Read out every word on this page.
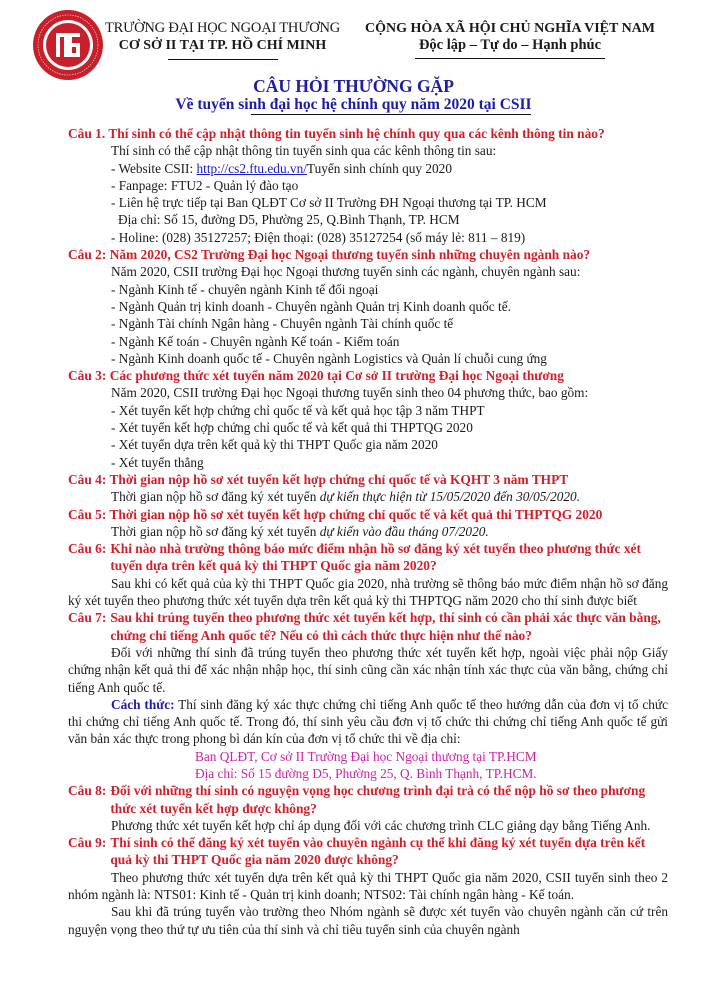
TRƯỜNG ĐẠI HỌC NGOẠI THƯƠNG
CƠ SỞ II TẠI TP. HỒ CHÍ MINH
CỘNG HÒA XÃ HỘI CHỦ NGHĨA VIỆT NAM
Độc lập – Tự do – Hạnh phúc
CÂU HỎI THƯỜNG GẶP
Về tuyển sinh đại học hệ chính quy năm 2020 tại CSII
Câu 1. Thí sinh có thể cập nhật thông tin tuyển sinh hệ chính quy qua các kênh thông tin nào?
Thí sinh có thể cập nhật thông tin tuyển sinh qua các kênh thông tin sau:
- Website CSII: http://cs2.ftu.edu.vn/Tuyển sinh chính quy 2020
- Fanpage: FTU2 - Quản lý đào tạo
- Liên hệ trực tiếp tại Ban QLĐT Cơ sở II Trường ĐH Ngoại thương tại TP. HCM
Địa chỉ: Số 15, đường D5, Phường 25, Q.Bình Thạnh, TP. HCM
- Holine: (028) 35127257; Điện thoại: (028) 35127254 (số máy lẻ: 811 – 819)
Câu 2: Năm 2020, CS2 Trường Đại học Ngoại thương tuyển sinh những chuyên ngành nào?
Năm 2020, CSII trường Đại học Ngoại thương tuyển sinh các ngành, chuyên ngành sau:
- Ngành Kinh tế - chuyên ngành Kinh tế đối ngoại
- Ngành Quản trị kinh doanh - Chuyên ngành Quản trị Kinh doanh quốc tế.
- Ngành Tài chính Ngân hàng - Chuyên ngành Tài chính quốc tế
- Ngành Kế toán - Chuyên ngành Kế toán - Kiểm toán
- Ngành Kinh doanh quốc tế - Chuyên ngành Logistics và Quản lí chuỗi cung ứng
Câu 3: Các phương thức xét tuyển năm 2020 tại Cơ sở II trường Đại học Ngoại thương
Năm 2020, CSII trường Đại học Ngoại thương tuyển sinh theo 04 phương thức, bao gồm:
- Xét tuyển kết hợp chứng chỉ quốc tế và kết quả học tập 3 năm THPT
- Xét tuyển kết hợp chứng chỉ quốc tế và kết quả thi THPTQG 2020
- Xét tuyển dựa trên kết quả kỳ thi THPT Quốc gia năm 2020
- Xét tuyển thẳng
Câu 4: Thời gian nộp hồ sơ xét tuyển kết hợp chứng chỉ quốc tế và KQHT 3 năm THPT
Thời gian nộp hồ sơ đăng ký xét tuyển dự kiến thực hiện từ 15/05/2020 đến 30/05/2020.
Câu 5: Thời gian nộp hồ sơ xét tuyển kết hợp chứng chỉ quốc tế và kết quả thi THPTQG 2020
Thời gian nộp hồ sơ đăng ký xét tuyển dự kiến vào đầu tháng 07/2020.
Câu 6: Khi nào nhà trường thông báo mức điểm nhận hồ sơ đăng ký xét tuyển theo phương thức xét tuyển dựa trên kết quả kỳ thi THPT Quốc gia năm 2020?
Sau khi có kết quả của kỳ thi THPT Quốc gia 2020, nhà trường sẽ thông báo mức điểm nhận hồ sơ đăng ký xét tuyển theo phương thức xét tuyển dựa trên kết quả kỳ thi THPTQG năm 2020 cho thí sinh được biết
Câu 7: Sau khi trúng tuyển theo phương thức xét tuyển kết hợp, thí sinh có cần phải xác thực văn bằng, chứng chỉ tiếng Anh quốc tế? Nếu có thì cách thức thực hiện như thế nào?
Đối với những thí sinh đã trúng tuyển theo phương thức xét tuyển kết hợp, ngoài việc phải nộp Giấy chứng nhận kết quả thi để xác nhận nhập học, thí sinh cũng cần xác nhận tính xác thực của văn bằng, chứng chỉ tiếng Anh quốc tế.
Cách thức: Thí sinh đăng ký xác thực chứng chỉ tiếng Anh quốc tế theo hướng dẫn của đơn vị tổ chức thi chứng chỉ tiếng Anh quốc tế. Trong đó, thí sinh yêu cầu đơn vị tổ chức thi chứng chỉ tiếng Anh quốc tế gửi văn bản xác thực trong phong bì dán kín của đơn vị tổ chức thi về địa chỉ:
Ban QLĐT, Cơ sở II Trường Đại học Ngoại thương tại TP.HCM
Địa chỉ: Số 15 đường D5, Phường 25, Q. Bình Thạnh, TP.HCM.
Câu 8: Đối với những thí sinh có nguyện vọng học chương trình đại trà có thể nộp hồ sơ theo phương thức xét tuyển kết hợp được không?
Phương thức xét tuyển kết hợp chỉ áp dụng đối với các chương trình CLC giảng dạy bằng Tiếng Anh.
Câu 9: Thí sinh có thể đăng ký xét tuyển vào chuyên ngành cụ thể khi đăng ký xét tuyển dựa trên kết quả kỳ thi THPT Quốc gia năm 2020 được không?
Theo phương thức xét tuyển dựa trên kết quả kỳ thi THPT Quốc gia năm 2020, CSII tuyển sinh theo 2 nhóm ngành là: NTS01: Kinh tế - Quản trị kinh doanh; NTS02: Tài chính ngân hàng - Kế toán.
Sau khi đã trúng tuyển vào trường theo Nhóm ngành sẽ được xét tuyển vào chuyên ngành căn cứ trên nguyện vọng theo thứ tự ưu tiên của thí sinh và chỉ tiêu tuyển sinh của chuyên ngành
